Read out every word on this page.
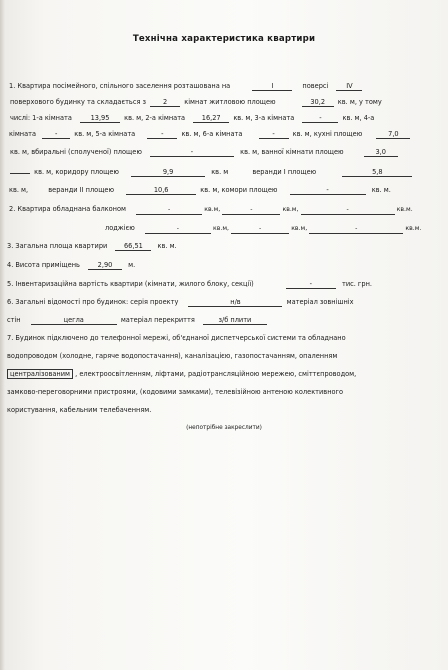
Технічна характеристика квартири
1. Квартира посімейного, спільного заселення розташована на	I	поверсі	IV
поверхового будинку та складається з	2	кімнат житловою площею	30,2 кв. м, у тому
числі: 1-а кімната	13,95 кв. м, 2-а кімната	16,27 кв. м, 3-а кімната	-	кв. м, 4-а
кімната	-	кв. м, 5-а кімната	-	кв. м, 6-а кімната	-	кв. м, кухні площею	7,0
кв. м, вбиральні (сполученої) площею	-	кв. м, ванної кімнати площею	3,0
кв. м, коридору площею	9,9	кв. м	веранди I площею	5,8
кв. м,	веранди II площею	10,6	кв. м, комори площею	-	кв. м.
2. Квартира обладнана балконом	-	кв.м,	-	кв.м,	-	кв.м.
лоджією	-	кв.м,	-	кв.м,	-	кв.м.
3. Загальна площа квартири	66,51 кв. м.
4. Висота приміщень	2,90 м.
5. Інвентаризаційна вартість квартири (кімнати, жилого блоку, секції)	-	тис. грн.
6. Загальні відомості про будинок: серія проекту	н/в	матеріал зовнішніх
стін	цегла	матеріал перекриття	з/б плити
7. Будинок підключено до телефонної мережі, об'єднаної диспетчерської системи та обладнано
водопроводом (холодне, гаряче водопостачання), каналізацією, газопостачанням, опаленням
централізованим , електроосвітленням, ліфтами, радіотрансляційною мережею, сміттєпроводом,
замково-переговорними пристроями, (кодовими замками), телевізійною антеною колективного
користування, кабельним телебаченням.
(непотрібне закреслити)
